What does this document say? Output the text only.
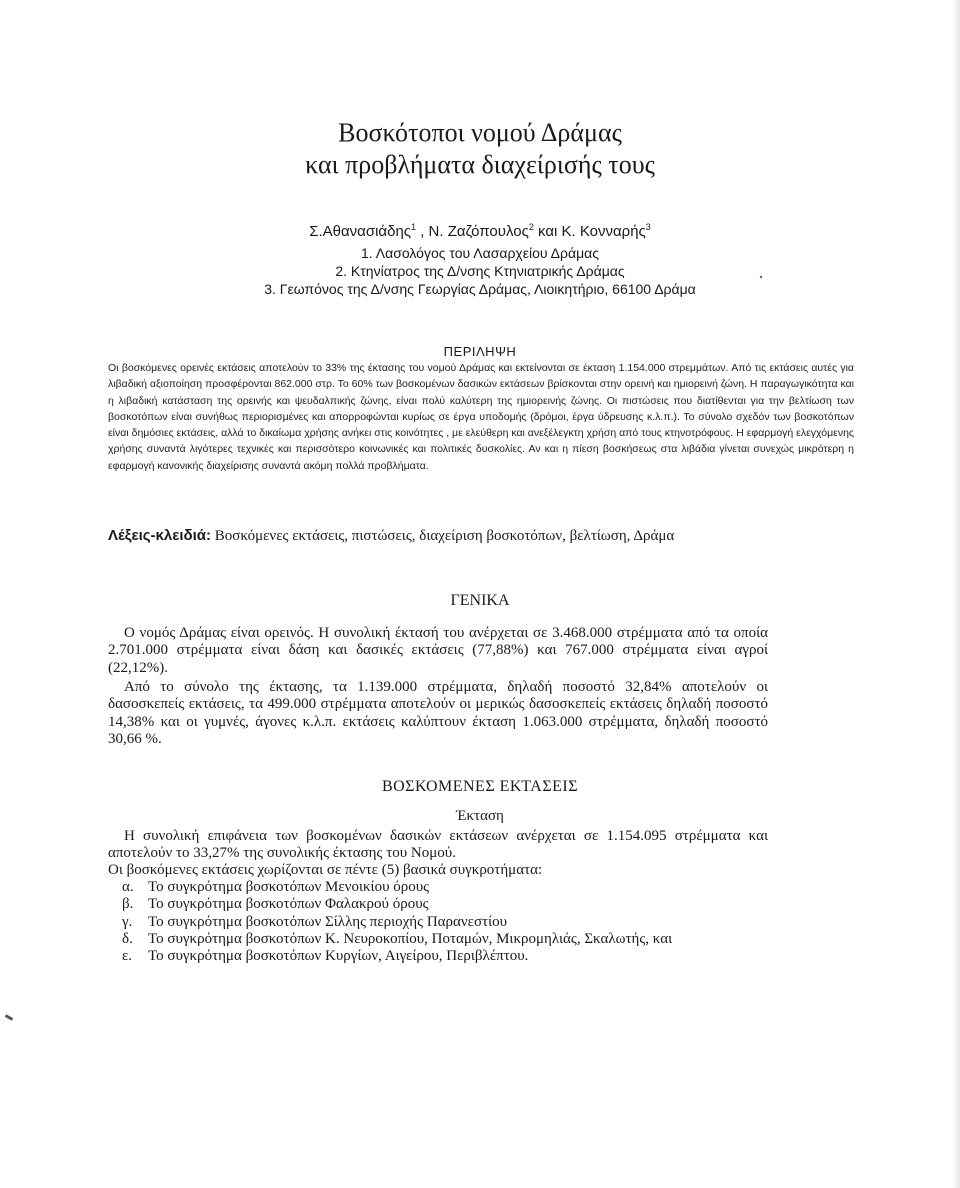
Βοσκότοποι νομού Δράμας
και προβλήματα διαχείρισής τους
Σ.Αθανασιάδης$^1$ , Ν. Ζαζόπουλος$^2$ και Κ. Κονναρής$^3$
1. Λασολόγος του Λασαρχείου Δράμας
2. Κτηνίατρος της Δ/νσης Κτηνιατρικής Δράμας
3. Γεωπόνος της Δ/νσης Γεωργίας Δράμας, Λιοικητήριο, 66100 Δράμα
ΠΕΡΙΛΗΨΗ
Οι βοσκόμενες ορεινές εκτάσεις αποτελούν το 33% της έκτασης του νομού Δράμας και εκτείνονται σε έκταση 1.154.000 στρεμμάτων. Από τις εκτάσεις αυτές για λιβαδική αξιοποίηση προσφέρονται 862.000 στρ. Το 60% των βοσκομένων δασικών εκτάσεων βρίσκονται στην ορεινή και ημιορεινή ζώνη. Η παραγωγικότητα και η λιβαδική κατάσταση της ορεινής και ψευδαλπικής ζώνης, είναι πολύ καλύτερη της ημιορεινής ζώνης. Οι πιστώσεις που διατίθενται για την βελτίωση των βοσκοτόπων είναι συνήθως περιορισμένες και απορροφώνται κυρίως σε έργα υποδομής (δρόμοι, έργα ύδρευσης κ.λ.π.). Το σύνολο σχεδόν των βοσκοτόπων είναι δημόσιες εκτάσεις, αλλά το δικαίωμα χρήσης ανήκει στις κοινότητες , με ελεύθερη και ανεξέλεγκτη χρήση από τους κτηνοτρόφους. Η εφαρμογή ελεγχόμενης χρήσης συναντά λιγότερες τεχνικές και περισσότερο κοινωνικές και πολιτικές δυσκολίες. Αν και η πίεση βοσκήσεως στα λιβάδια γίνεται συνεχώς μικρότερη η εφαρμογή κανονικής διαχείρισης συναντά ακόμη πολλά προβλήματα.
Λέξεις-κλειδιά: Βοσκόμενες εκτάσεις, πιστώσεις, διαχείριση βοσκοτόπων, βελτίωση, Δράμα
ΓΕΝΙΚΑ
Ο νομός Δράμας είναι ορεινός. Η συνολική έκτασή του ανέρχεται σε 3.468.000 στρέμματα από τα οποία 2.701.000 στρέμματα είναι δάση και δασικές εκτάσεις (77,88%) και 767.000 στρέμματα είναι αγροί (22,12%).
Από το σύνολο της έκτασης, τα 1.139.000 στρέμματα, δηλαδή ποσοστό 32,84% αποτελούν οι δασοσκεπείς εκτάσεις, τα 499.000 στρέμματα αποτελούν οι μερικώς δασοσκεπείς εκτάσεις δηλαδή ποσοστό 14,38% και οι γυμνές, άγονες κ.λ.π. εκτάσεις καλύπτουν έκταση 1.063.000 στρέμματα, δηλαδή ποσοστό 30,66 %.
ΒΟΣΚΟΜΕΝΕΣ ΕΚΤΑΣΕΙΣ
Έκταση
Η συνολική επιφάνεια των βοσκομένων δασικών εκτάσεων ανέρχεται σε 1.154.095 στρέμματα και αποτελούν το 33,27% της συνολικής έκτασης του Νομού.
Οι βοσκόμενες εκτάσεις χωρίζονται σε πέντε (5) βασικά συγκροτήματα:
α. Το συγκρότημα βοσκοτόπων Μενοικίου όρους
β. Το συγκρότημα βοσκοτόπων Φαλακρού όρους
γ. Το συγκρότημα βοσκοτόπων Σίλλης περιοχής Παρανεστίου
δ. Το συγκρότημα βοσκοτόπων Κ. Νευροκοπίου, Ποταμών, Μικρομηλιάς, Σκαλωτής, και
ε. Το συγκρότημα βοσκοτόπων Κυργίων, Αιγείρου, Περιβλέπτου.
